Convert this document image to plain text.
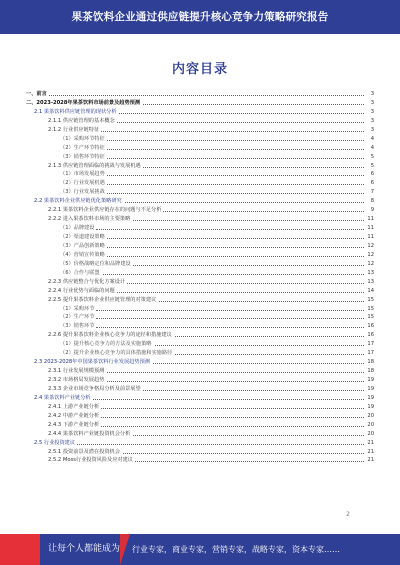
果茶饮料企业通过供应链提升核心竞争力策略研究报告
内容目录
一、前言	3
二、2023-2028年果茶饮料市场前景及趋势预测	3
2.1 果茶饮料供应链管理的现状分析	3
2.1.1 供应链管理的基本概念	3
2.1.2 行业供应链特征	3
（1）采购环节特征	4
（2）生产环节特征	4
（3）销售环节特征	5
2.1.3 供应链管理面临的挑战与发展机遇	5
（1）市场发展趋势	6
（2）行业发展机遇	6
（3）行业发展挑战	7
2.2 果茶饮料企业供应链优化策略研究	8
2.2.1 果茶饮料企业供应链存在的问题与不足分析	9
2.2.2 进入果茶饮料市场的主要策略	11
（1）品牌建设	11
（2）渠道建设策略	11
（3）产品创新策略	12
（4）营销宣传策略	12
（5）价格战略定位和品牌建设	12
（6）合作与联盟	13
2.2.3 供应链整合与优化方案设计	13
2.2.4 行业优势与面临的问题	14
2.2.5 提升果茶饮料企业供应链管理的对策建议	15
（1）采购环节	15
（2）生产环节	15
（3）销售环节	16
2.2.6 提升果茶饮料企业核心竞争力的途径和措施建议	16
（1）提升核心竞争力的方法及实施策略	17
（2）提升企业核心竞争力的具体措施和实施路径	17
2.3 2023-2028年中国果茶饮料行业发展趋势预测	18
2.3.1 行业发展规模预测	18
2.3.2 市场格局发展趋势	19
2.3.3 企业市场竞争格局分析及前景展望	19
2.4 果茶饮料产业链分析	19
2.4.1 上游产业链分析	19
2.4.2 中游产业链分析	20
2.4.3 下游产业链分析	20
2.4.4 果茶饮料产业链投资机会分析	20
2.5 行业投资建议	21
2.5.1 投资前景及潜在投资机会	21
2.5.2 Moss行业投资风险及应对建议	21
2
让每个人都能成为 行业专家，商业专家，营销专家，战略专家，资本专家……
